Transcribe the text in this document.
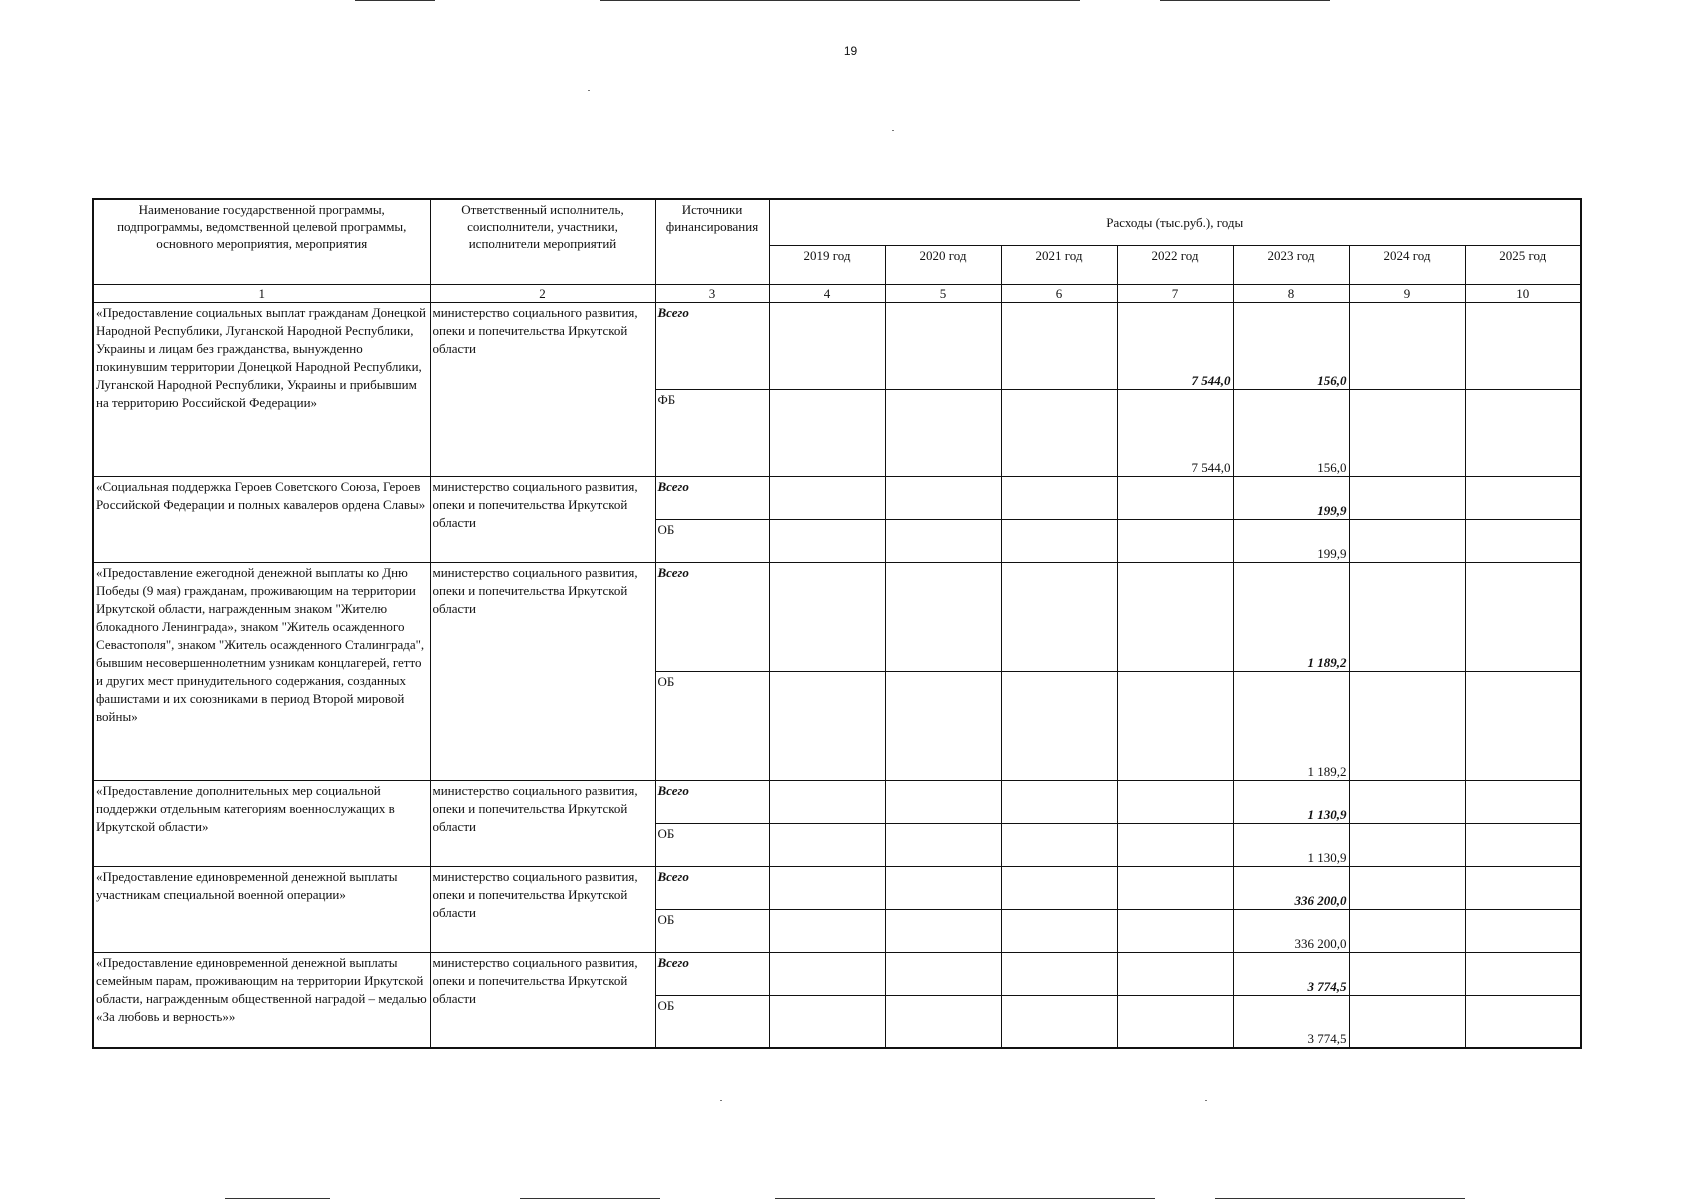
19
Наименование государственной программы, подпрограммы, ведомственной целевой программы, основного мероприятия, мероприятия	Ответственный исполнитель, соисполнители, участники, исполнители мероприятий	Источники финансирования	Расходы (тыс.руб.), годы						
			2019 год	2020 год	2021 год	2022 год	2023 год	2024 год	2025 год
1	2	3	4	5	6	7	8	9	10
«Предоставление социальных выплат гражданам Донецкой Народной Республики, Луганской Народной Республики, Украины и лицам без гражданства, вынужденно покинувшим территории Донецкой Народной Республики, Луганской Народной Республики, Украины и прибывшим на территорию Российской Федерации»	министерство социального развития, опеки и попечительства Иркутской области	Всего				7 544,0	156,0		
		ФБ				7 544,0	156,0		
«Социальная поддержка Героев Советского Союза, Героев Российской Федерации и полных кавалеров ордена Славы»	министерство социального развития, опеки и попечительства Иркутской области	Всего					199,9		
		ОБ					199,9		
«Предоставление ежегодной денежной выплаты ко Дню Победы (9 мая) гражданам, проживающим на территории Иркутской области, награжденным знаком "Жителю блокадного Ленинграда», знаком "Житель осажденного Севастополя", знаком "Житель осажденного Сталинграда", бывшим несовершеннолетним узникам концлагерей, гетто и других мест принудительного содержания, созданных фашистами и их союзниками в период Второй мировой войны»	министерство социального развития, опеки и попечительства Иркутской области	Всего					1 189,2		
		ОБ					1 189,2		
«Предоставление дополнительных мер социальной поддержки отдельным категориям военнослужащих в Иркутской области»	министерство социального развития, опеки и попечительства Иркутской области	Всего					1 130,9		
		ОБ					1 130,9		
«Предоставление единовременной денежной выплаты участникам специальной военной операции»	министерство социального развития, опеки и попечительства Иркутской области	Всего					336 200,0		
		ОБ					336 200,0		
«Предоставление единовременной денежной выплаты семейным парам, проживающим на территории Иркутской области, награжденным общественной наградой – медалью «За любовь и верность»»	министерство социального развития, опеки и попечительства Иркутской области	Всего					3 774,5		
		ОБ					3 774,5		
